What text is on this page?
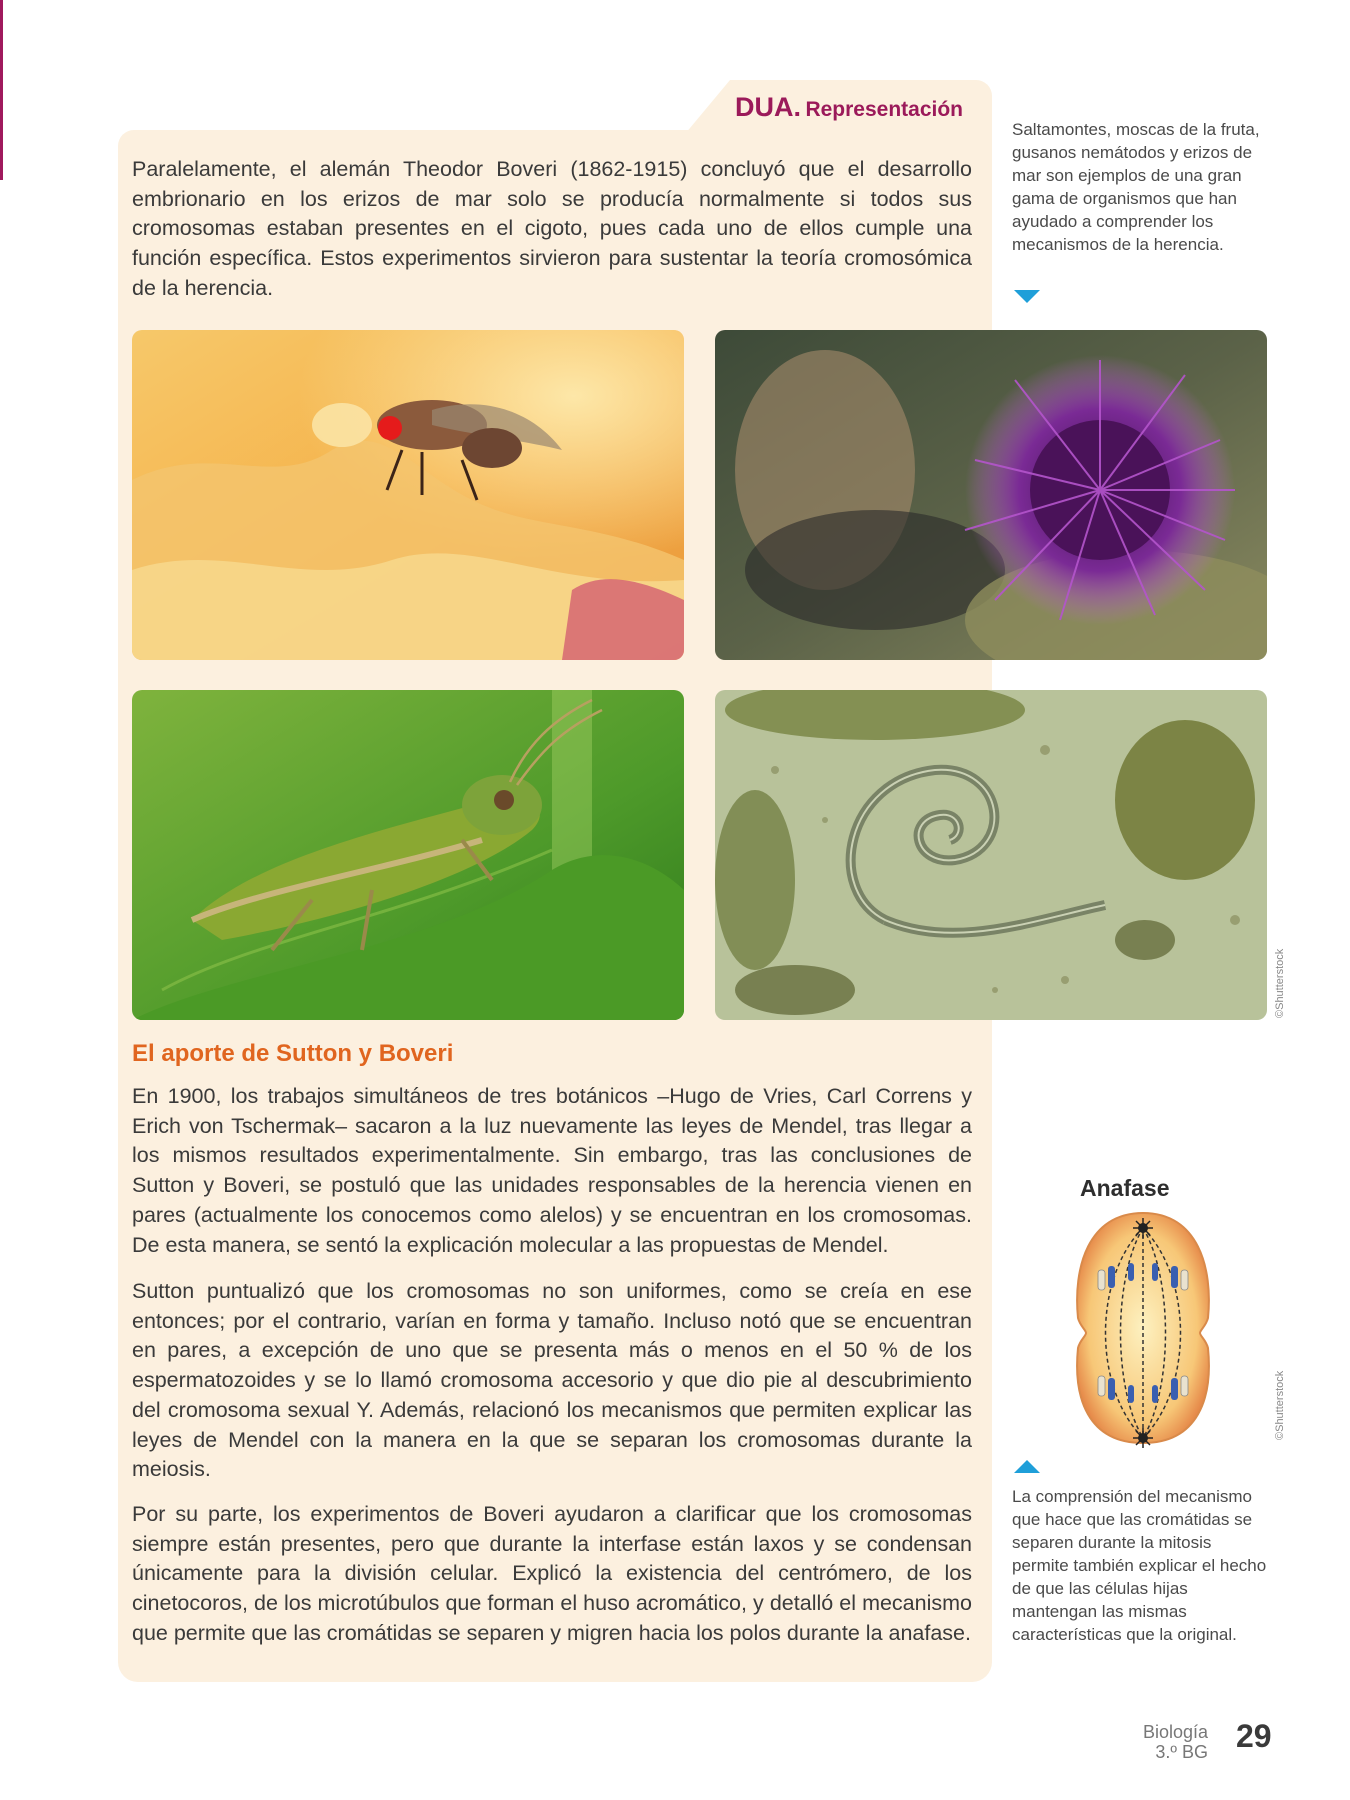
DUA. Representación

Paralelamente, el alemán Theodor Boveri (1862-1915) concluyó que el desarrollo embrionario en los erizos de mar solo se producía normalmente si todos sus cromosomas estaban presentes en el cigoto, pues cada uno de ellos cumple una función específica. Estos experimentos sirvieron para sustentar la teoría cromosómica de la herencia.

Saltamontes, moscas de la fruta, gusanos nemátodos y erizos de mar son ejemplos de una gran gama de organismos que han ayudado a comprender los mecanismos de la herencia.

©Shutterstock
El aporte de Sutton y Boveri

En 1900, los trabajos simultáneos de tres botánicos –Hugo de Vries, Carl Correns y Erich von Tschermak– sacaron a la luz nuevamente las leyes de Mendel, tras llegar a los mismos resultados experimentalmente. Sin embargo, tras las conclusiones de Sutton y Boveri, se postuló que las unidades responsables de la herencia vienen en pares (actualmente los conocemos como alelos) y se encuentran en los cromosomas. De esta manera, se sentó la explicación molecular a las propuestas de Mendel.

Sutton puntualizó que los cromosomas no son uniformes, como se creía en ese entonces; por el contrario, varían en forma y tamaño. Incluso notó que se encuentran en pares, a excepción de uno que se presenta más o menos en el 50 % de los espermatozoides y se lo llamó cromosoma accesorio y que dio pie al descubrimiento del cromosoma sexual Y. Además, relacionó los mecanismos que permiten explicar las leyes de Mendel con la manera en la que se separan los cromosomas durante la meiosis.

Por su parte, los experimentos de Boveri ayudaron a clarificar que los cromosomas siempre están presentes, pero que durante la interfase están laxos y se condensan únicamente para la división celular. Explicó la existencia del centrómero, de los cinetocoros, de los microtúbulos que forman el huso acromático, y detalló el mecanismo que permite que las cromátidas se separen y migren hacia los polos durante la anafase.

Anafase
©Shutterstock

La comprensión del mecanismo que hace que las cromátidas se separen durante la mitosis permite también explicar el hecho de que las células hijas mantengan las mismas características que la original.

Biología
3.º BG 29
